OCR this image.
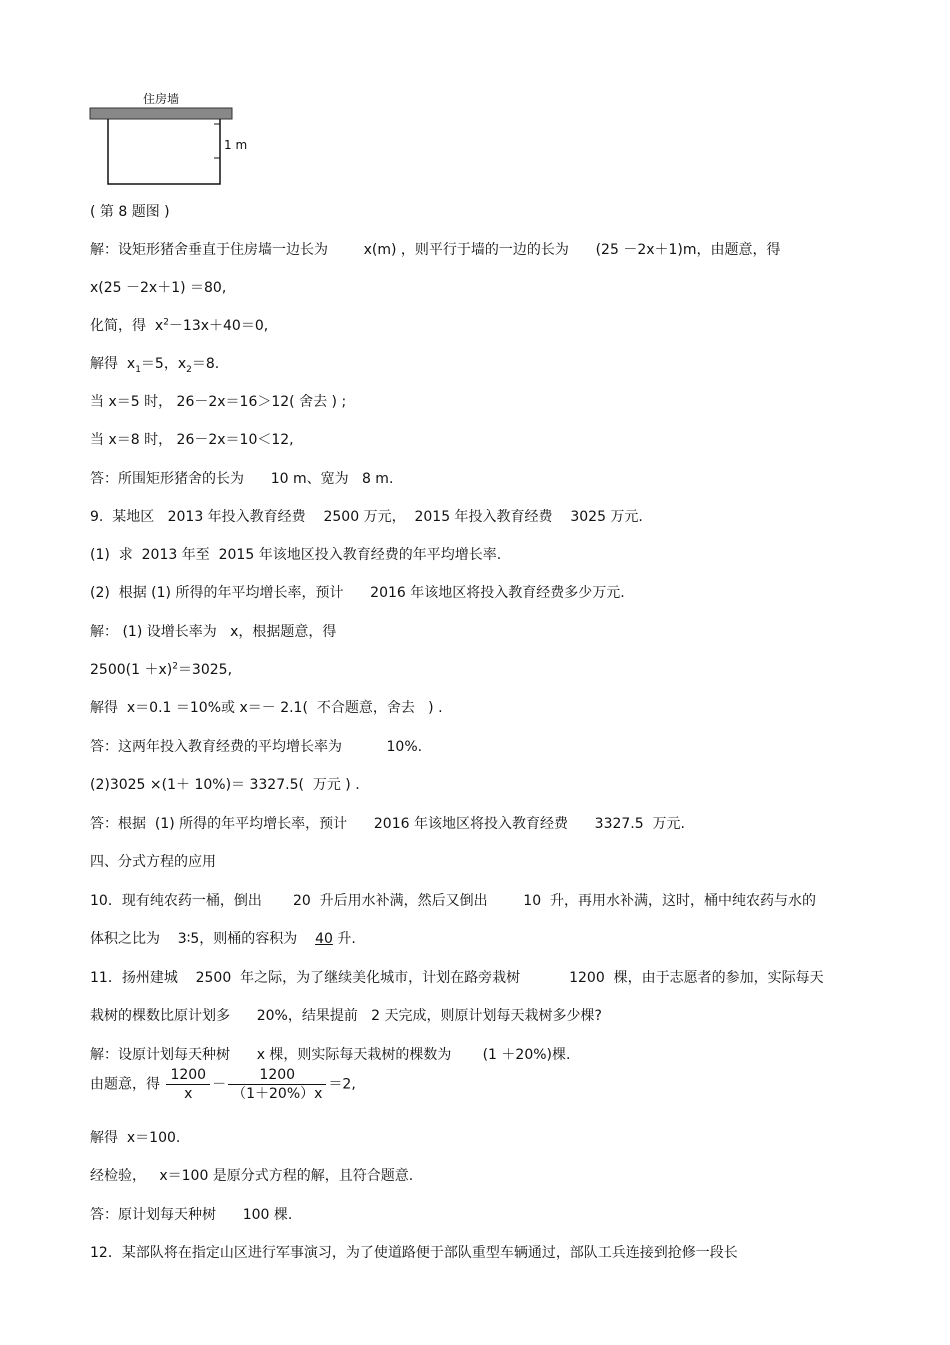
住房墙
1 m
( 第 8 题图 )
解：设矩形猪舍垂直于住房墙一边长为        x(m) ，则平行于墙的一边的长为      (25 －2x＋1)m，由题意，得
x(25 －2x＋1) ＝80,
化简，得  $x^2-13x+40=0$,
解得  $x_1=5$，$x_2=8$.
当 x＝5 时， 26－2x＝16＞12( 舍去 ) ;
当 x＝8 时， 26－2x＝10＜12,
答：所围矩形猪舍的长为      10 m、宽为   8 m.
9.  某地区   2013 年投入教育经费    2500 万元，  2015 年投入教育经费    3025 万元.
(1)  求  2013 年至  2015 年该地区投入教育经费的年平均增长率.
(2)  根据 (1) 所得的年平均增长率，预计      2016 年该地区将投入教育经费多少万元.
解： (1) 设增长率为   x，根据题意，得
$2500(1 +x)^2=3025$,
解得  x＝0.1 ＝10%或 x＝－ 2.1(  不合题意，舍去   ) .
答：这两年投入教育经费的平均增长率为          10%.
(2)3025 ×(1＋ 10%)＝ 3327.5(  万元 ) .
答：根据  (1) 所得的年平均增长率，预计      2016 年该地区将投入教育经费      3327.5  万元.
四、分式方程的应用
10．现有纯农药一桶，倒出       20  升后用水补满，然后又倒出        10  升，再用水补满，这时，桶中纯农药与水的
体积之比为    3∶5，则桶的容积为    40 升.
11．扬州建城    2500  年之际，为了继续美化城市，计划在路旁栽树           1200  棵，由于志愿者的参加，实际每天
栽树的棵数比原计划多      20%，结果提前   2 天完成，则原计划每天栽树多少棵?
解：设原计划每天种树      x 棵，则实际每天栽树的棵数为       (1 ＋20%)棵.
由题意，得 $\frac{1200}{x} - \frac{1200}{(1+20\%)x} =2$,
解得  x＝100.
经检验，   x＝100 是原分式方程的解，且符合题意.
答：原计划每天种树      100 棵.
12．某部队将在指定山区进行军事演习，为了使道路便于部队重型车辆通过，部队工兵连接到抢修一段长
